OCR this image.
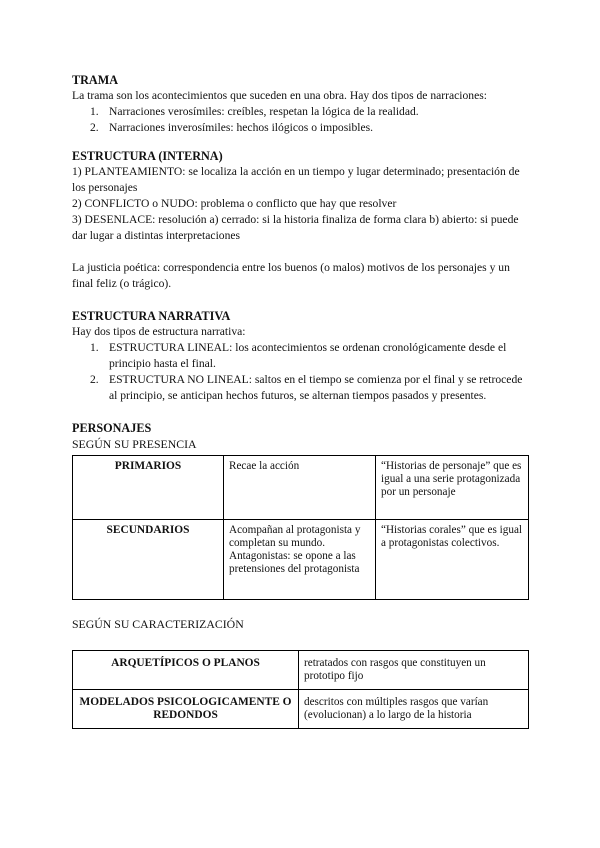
TRAMA

La trama son los acontecimientos que suceden en una obra. Hay dos tipos de narraciones:

1. Narraciones verosímiles: creíbles, respetan la lógica de la realidad.
2. Narraciones inverosímiles: hechos ilógicos o imposibles.

ESTRUCTURA (INTERNA)

1) PLANTEAMIENTO: se localiza la acción en un tiempo y lugar determinado; presentación de los personajes

2) CONFLICTO o NUDO: problema o conflicto que hay que resolver

3) DESENLACE: resolución a) cerrado: si la historia finaliza de forma clara b) abierto: si puede dar lugar a distintas interpretaciones

La justicia poética: correspondencia entre los buenos (o malos) motivos de los personajes y un final feliz (o trágico).

ESTRUCTURA NARRATIVA

Hay dos tipos de estructura narrativa:

1. ESTRUCTURA LINEAL: los acontecimientos se ordenan cronológicamente desde el principio hasta el final.
2. ESTRUCTURA NO LINEAL: saltos en el tiempo se comienza por el final y se retrocede al principio, se anticipan hechos futuros, se alternan tiempos pasados y presentes.

PERSONAJES

SEGÚN SU PRESENCIA

PRIMARIOS	Recae la acción	“Historias de personaje” que es igual a una serie protagonizada por un personaje
SECUNDARIOS	Acompañan al protagonista y completan su mundo. Antagonistas: se opone a las pretensiones del protagonista	“Historias corales” que es igual a protagonistas colectivos.

SEGÚN SU CARACTERIZACIÓN

ARQUETÍPICOS O PLANOS	retratados con rasgos que constituyen un prototipo fijo
MODELADOS PSICOLOGICAMENTE O REDONDOS	descritos con múltiples rasgos que varían (evolucionan) a lo largo de la historia
